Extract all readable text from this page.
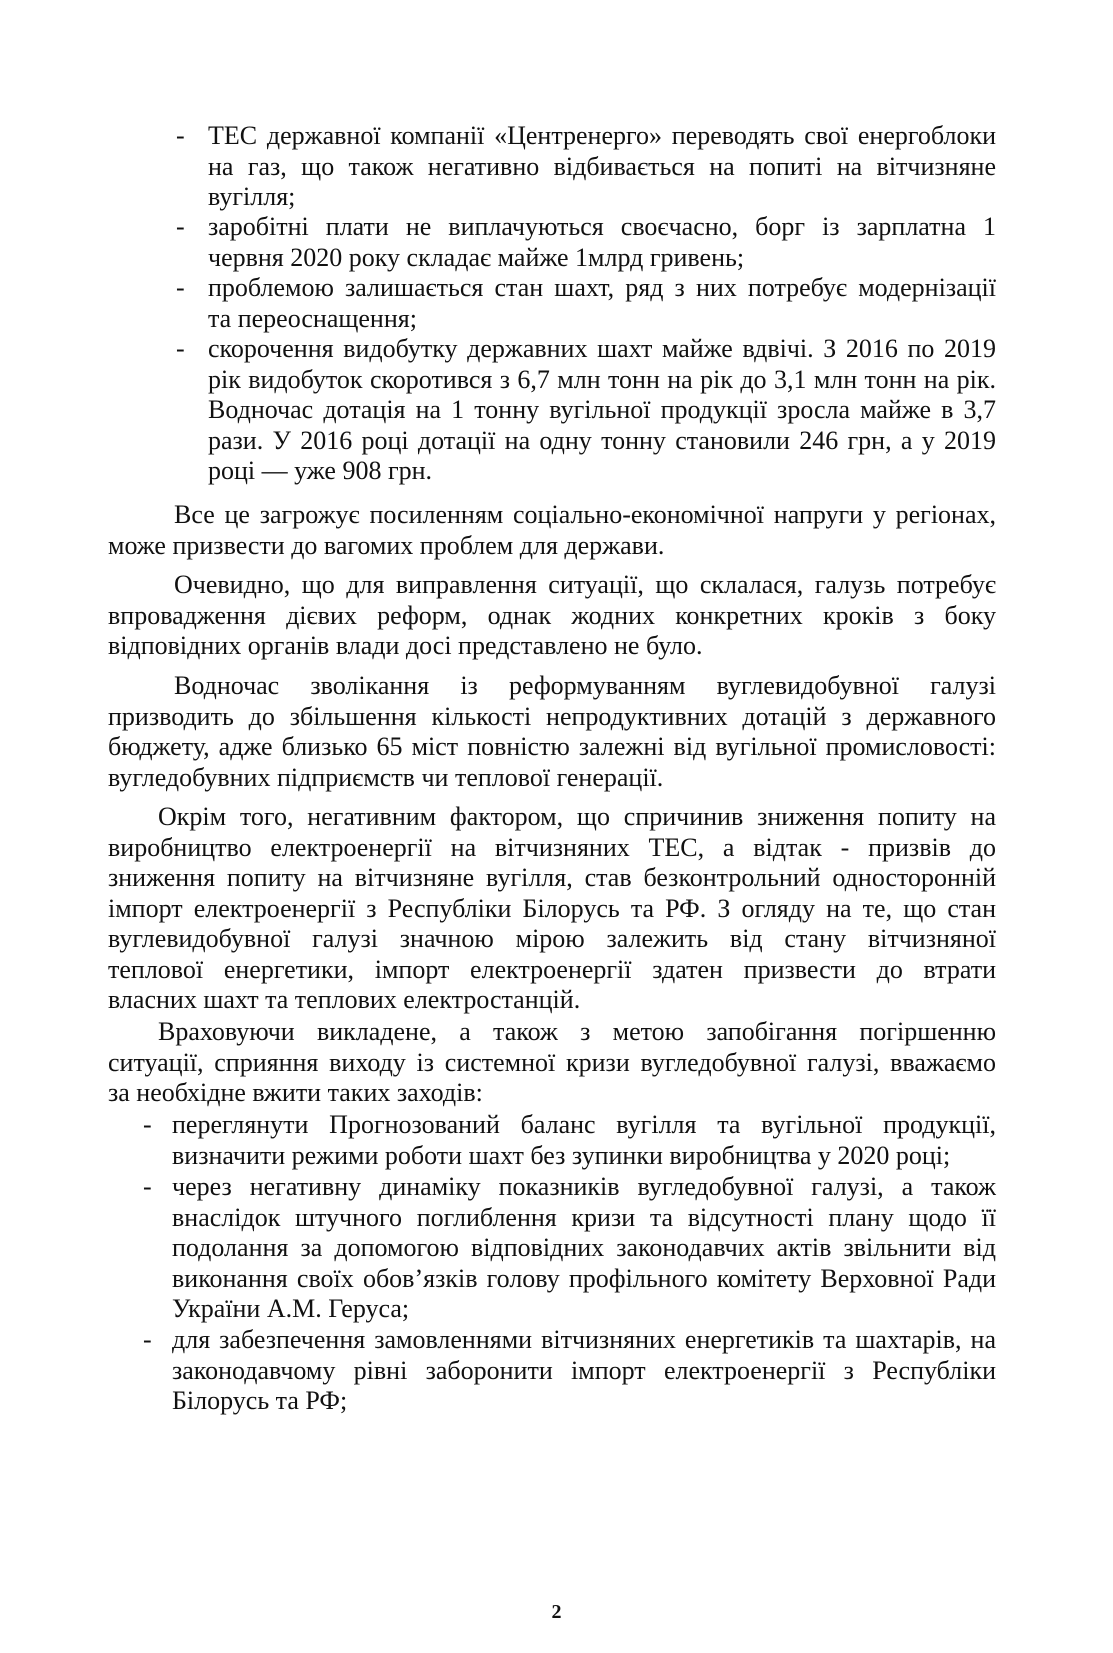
- ТЕС державної компанії «Центренерго» переводять свої енергоблоки
на газ, що також негативно відбивається на попиті на вітчизняне
вугілля;
- заробітні плати не виплачуються своєчасно, борг із зарплатна 1
червня 2020 року складає майже 1млрд гривень;
- проблемою залишається стан шахт, ряд з них потребує модернізації
та переоснащення;
- скорочення видобутку державних шахт майже вдвічі. З 2016 по 2019
рік видобуток скоротився з 6,7 млн тонн на рік до 3,1 млн тонн на рік.
Водночас дотація на 1 тонну вугільної продукції зросла майже в 3,7
рази. У 2016 році дотації на одну тонну становили 246 грн, а у 2019
році — уже 908 грн.
Все це загрожує посиленням соціально-економічної напруги у регіонах,
може призвести до вагомих проблем для держави.
Очевидно, що для виправлення ситуації, що склалася, галузь потребує
впровадження дієвих реформ, однак жодних конкретних кроків з боку
відповідних органів влади досі представлено не було.
Водночас зволікання із реформуванням вуглевидобувної галузі
призводить до збільшення кількості непродуктивних дотацій з державного
бюджету, адже близько 65 міст повністю залежні від вугільної промисловості:
вугледобувних підприємств чи теплової генерації.
Окрім того, негативним фактором, що спричинив зниження попиту на
виробництво електроенергії на вітчизняних ТЕС, а відтак - призвів до
зниження попиту на вітчизняне вугілля, став безконтрольний односторонній
імпорт електроенергії з Республіки Білорусь та РФ. З огляду на те, що стан
вуглевидобувної галузі значною мірою залежить від стану вітчизняної
теплової енергетики, імпорт електроенергії здатен призвести до втрати
власних шахт та теплових електростанцій.
Враховуючи викладене, а також з метою запобігання погіршенню
ситуації, сприяння виходу із системної кризи вугледобувної галузі, вважаємо
за необхідне вжити таких заходів:
- переглянути Прогнозований баланс вугілля та вугільної продукції,
визначити режими роботи шахт без зупинки виробництва у 2020 році;
- через негативну динаміку показників вугледобувної галузі, а також
внаслідок штучного поглиблення кризи та відсутності плану щодо її
подолання за допомогою відповідних законодавчих актів звільнити від
виконання своїх обов’язків голову профільного комітету Верховної Ради
України А.М. Геруса;
- для забезпечення замовленнями вітчизняних енергетиків та шахтарів, на
законодавчому рівні заборонити імпорт електроенергії з Республіки
Білорусь та РФ;
2
